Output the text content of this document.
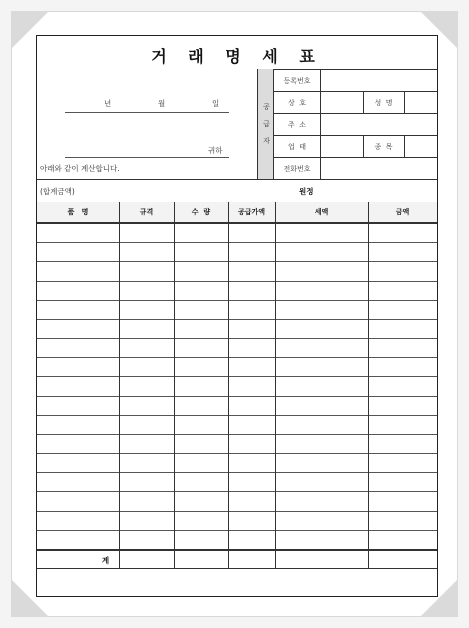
거 래 명 세 표
년	월	일
귀하
아래와 같이 계산합니다.
공
급
자
등록번호
상  호	성  명
주  소
업  태	종  목
전화번호
(합계금액)	원정
품   명	규격	수  량	공급가액	세액	금액
계
